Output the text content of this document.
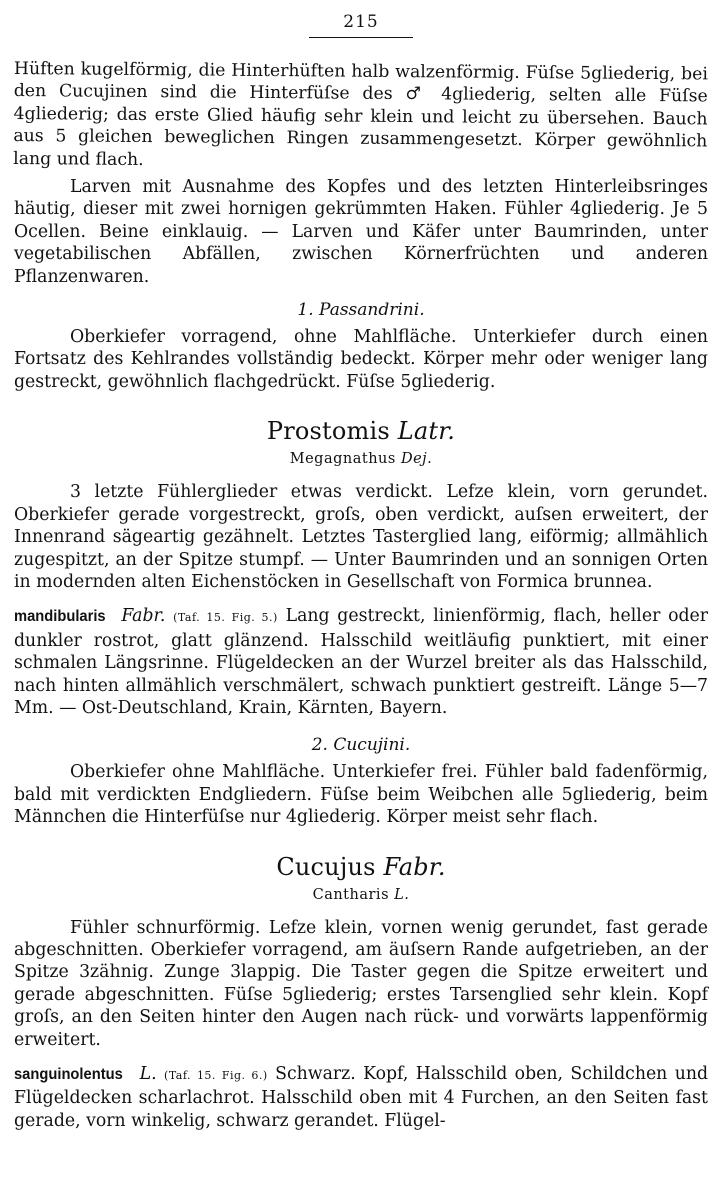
215

Hüften kugelförmig, die Hinterhüften halb walzenförmig. Füſse 5gliederig, bei den Cucujinen sind die Hinterfüſse des ♂ 4gliederig, selten alle Füſse 4gliederig; das erste Glied häufig sehr klein und leicht zu übersehen. Bauch aus 5 gleichen beweglichen Ringen zusammengesetzt. Körper gewöhnlich lang und flach.

Larven mit Ausnahme des Kopfes und des letzten Hinterleibsringes häutig, dieser mit zwei hornigen gekrümmten Haken. Fühler 4gliederig. Je 5 Ocellen. Beine einklauig. — Larven und Käfer unter Baumrinden, unter vegetabilischen Abfällen, zwischen Körnerfrüchten und anderen Pflanzenwaren.

1. Passandrini.

Oberkiefer vorragend, ohne Mahlfläche. Unterkiefer durch einen Fortsatz des Kehlrandes vollständig bedeckt. Körper mehr oder weniger lang gestreckt, gewöhnlich flachgedrückt. Füſse 5gliederig.

Prostomis Latr.
Megagnathus Dej.

3 letzte Fühlerglieder etwas verdickt. Lefze klein, vorn gerundet. Oberkiefer gerade vorgestreckt, groſs, oben verdickt, auſsen erweitert, der Innenrand sägeartig gezähnelt. Letztes Tasterglied lang, eiförmig; allmählich zugespitzt, an der Spitze stumpf. — Unter Baumrinden und an sonnigen Orten in modernden alten Eichenstöcken in Gesellschaft von Formica brunnea.

mandibularis Fabr. (Taf. 15. Fig. 5.) Lang gestreckt, linienförmig, flach, heller oder dunkler rostrot, glatt glänzend. Halsschild weitläufig punktiert, mit einer schmalen Längsrinne. Flügeldecken an der Wurzel breiter als das Halsschild, nach hinten allmählich verschmälert, schwach punktiert gestreift. Länge 5—7 Mm. — Ost-Deutschland, Krain, Kärnten, Bayern.

2. Cucujini.

Oberkiefer ohne Mahlfläche. Unterkiefer frei. Fühler bald fadenförmig, bald mit verdickten Endgliedern. Füſse beim Weibchen alle 5gliederig, beim Männchen die Hinterfüſse nur 4gliederig. Körper meist sehr flach.

Cucujus Fabr.
Cantharis L.

Fühler schnurförmig. Lefze klein, vornen wenig gerundet, fast gerade abgeschnitten. Oberkiefer vorragend, am äuſsern Rande aufgetrieben, an der Spitze 3zähnig. Zunge 3lappig. Die Taster gegen die Spitze erweitert und gerade abgeschnitten. Füſse 5gliederig; erstes Tarsenglied sehr klein. Kopf groſs, an den Seiten hinter den Augen nach rück- und vorwärts lappenförmig erweitert.

sanguinolentus L. (Taf. 15. Fig. 6.) Schwarz. Kopf, Halsschild oben, Schildchen und Flügeldecken scharlachrot. Halsschild oben mit 4 Furchen, an den Seiten fast gerade, vorn winkelig, schwarz gerandet. Flügel-
